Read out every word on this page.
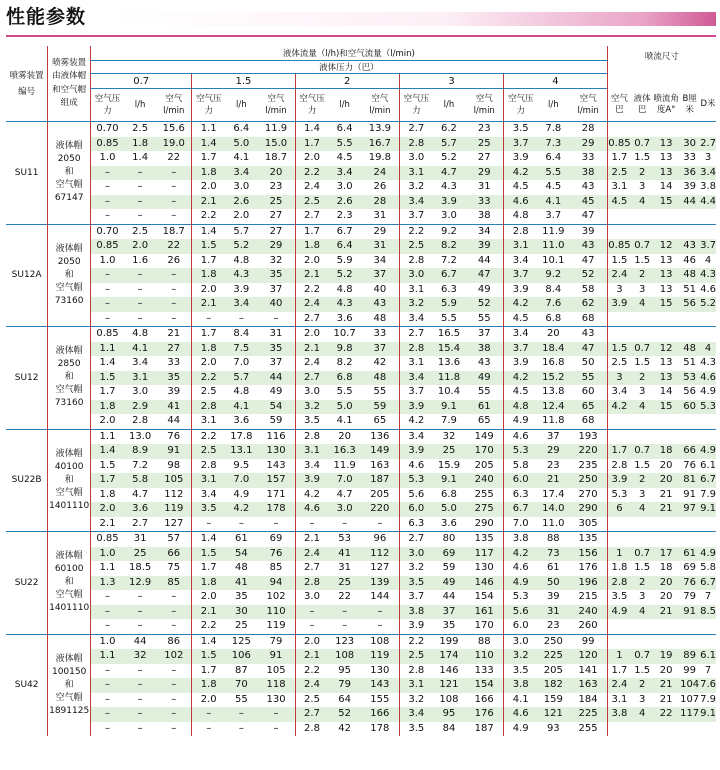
性能参数
喷雾装置编号	喷雾装置由液体帽和空气帽组成	液体流量（l/h)和空气流量（l/min)															喷流尺寸				
		液体压力（巴）																			
		0.7			1.5			2			3			4							
		空气压力	l/h	空气l/min	空气压力	l/h	空气l/min	空气压力	l/h	空气l/min	空气压力	l/h	空气l/min	空气压力	l/h	空气l/min	空气巴	液体巴	喷流角度A°	B厘米	D米
SU11	液体帽
2050
和
空气帽
67147	0.70	2.5	15.6	1.1	6.4	11.9	1.4	6.4	13.9	2.7	6.2	23	3.5	7.8	28					
		0.85	1.8	19.0	1.4	5.0	15.0	1.7	5.5	16.7	2.8	5.7	25	3.7	7.3	29	0.85	0.7	13	30	2.7
		1.0	1.4	22	1.7	4.1	18.7	2.0	4.5	19.8	3.0	5.2	27	3.9	6.4	33	1.7	1.5	13	33	3
		–	–	–	1.8	3.4	20	2.2	3.4	24	3.1	4.7	29	4.2	5.5	38	2.5	2	13	36	3.4
		–	–	–	2.0	3.0	23	2.4	3.0	26	3.2	4.3	31	4.5	4.5	43	3.1	3	14	39	3.8
		–	–	–	2.1	2.6	25	2.5	2.6	28	3.4	3.9	33	4.6	4.1	45	4.5	4	15	44	4.4
		–	–	–	2.2	2.0	27	2.7	2.3	31	3.7	3.0	38	4.8	3.7	47					
SU12A	液体帽
2050
和
空气帽
73160	0.70	2.5	18.7	1.4	5.7	27	1.7	6.7	29	2.2	9.2	34	2.8	11.9	39					
		0.85	2.0	22	1.5	5.2	29	1.8	6.4	31	2.5	8.2	39	3.1	11.0	43	0.85	0.7	12	43	3.7
		1.0	1.6	26	1.7	4.8	32	2.0	5.9	34	2.8	7.2	44	3.4	10.1	47	1.5	1.5	13	46	4
		–	–	–	1.8	4.3	35	2.1	5.2	37	3.0	6.7	47	3.7	9.2	52	2.4	2	13	48	4.3
		–	–	–	2.0	3.9	37	2.2	4.8	40	3.1	6.3	49	3.9	8.4	58	3	3	13	51	4.6
		–	–	–	2.1	3.4	40	2.4	4.3	43	3.2	5.9	52	4.2	7.6	62	3.9	4	15	56	5.2
		–	–	–	–	–	–	2.7	3.6	48	3.4	5.5	55	4.5	6.8	68					
SU12	液体帽
2850
和
空气帽
73160	0.85	4.8	21	1.7	8.4	31	2.0	10.7	33	2.7	16.5	37	3.4	20	43					
		1.1	4.1	27	1.8	7.5	35	2.1	9.8	37	2.8	15.4	38	3.7	18.4	47	1.5	0.7	12	48	4
		1.4	3.4	33	2.0	7.0	37	2.4	8.2	42	3.1	13.6	43	3.9	16.8	50	2.5	1.5	13	51	4.3
		1.5	3.1	35	2.2	5.7	44	2.7	6.8	48	3.4	11.8	49	4.2	15.2	55	3	2	13	53	4.6
		1.7	3.0	39	2.5	4.8	49	3.0	5.5	55	3.7	10.4	55	4.5	13.8	60	3.4	3	14	56	4.9
		1.8	2.9	41	2.8	4.1	54	3.2	5.0	59	3.9	9.1	61	4.8	12.4	65	4.2	4	15	60	5.3
		2.0	2.8	44	3.1	3.6	59	3.5	4.1	65	4.2	7.9	65	4.9	11.8	68					
SU22B	液体帽
40100
和
空气帽
1401110	1.1	13.0	76	2.2	17.8	116	2.8	20	136	3.4	32	149	4.6	37	193					
		1.4	8.9	91	2.5	13.1	130	3.1	16.3	149	3.9	25	170	5.3	29	220	1.7	0.7	18	66	4.9
		1.5	7.2	98	2.8	9.5	143	3.4	11.9	163	4.6	15.9	205	5.8	23	235	2.8	1.5	20	76	6.1
		1.7	5.8	105	3.1	7.0	157	3.9	7.0	187	5.3	9.1	240	6.0	21	250	3.9	2	20	81	6.7
		1.8	4.7	112	3.4	4.9	171	4.2	4.7	205	5.6	6.8	255	6.3	17.4	270	5.3	3	21	91	7.9
		2.0	3.6	119	3.5	4.2	178	4.6	3.0	220	6.0	5.0	275	6.7	14.0	290	6	4	21	97	9.1
		2.1	2.7	127	–	–	–	–	–	–	6.3	3.6	290	7.0	11.0	305					
SU22	液体帽
60100
和
空气帽
1401110	0.85	31	57	1.4	61	69	2.1	53	96	2.7	80	135	3.8	88	135					
		1.0	25	66	1.5	54	76	2.4	41	112	3.0	69	117	4.2	73	156	1	0.7	17	61	4.9
		1.1	18.5	75	1.7	48	85	2.7	31	127	3.2	59	130	4.6	61	176	1.8	1.5	18	69	5.8
		1.3	12.9	85	1.8	41	94	2.8	25	139	3.5	49	146	4.9	50	196	2.8	2	20	76	6.7
		–	–	–	2.0	35	102	3.0	22	144	3.7	44	154	5.3	39	215	3.5	3	20	79	7
		–	–	–	2.1	30	110	–	–	–	3.8	37	161	5.6	31	240	4.9	4	21	91	8.5
		–	–	–	2.2	25	119	–	–	–	3.9	35	170	6.0	23	260					
SU42	液体帽
100150
和
空气帽
1891125	1.0	44	86	1.4	125	79	2.0	123	108	2.2	199	88	3.0	250	99					
		1.1	32	102	1.5	106	91	2.1	108	119	2.5	174	110	3.2	225	120	1	0.7	19	89	6.1
		–	–	–	1.7	87	105	2.2	95	130	2.8	146	133	3.5	205	141	1.7	1.5	20	99	7
		–	–	–	1.8	70	118	2.4	79	143	3.1	121	154	3.8	182	163	2.4	2	21	104	7.6
		–	–	–	2.0	55	130	2.5	64	155	3.2	108	166	4.1	159	184	3.1	3	21	107	7.9
		–	–	–	–	–	–	2.7	52	166	3.4	95	176	4.6	121	225	3.8	4	22	117	9.1
		–	–	–	–	–	–	2.8	42	178	3.5	84	187	4.9	93	255					
